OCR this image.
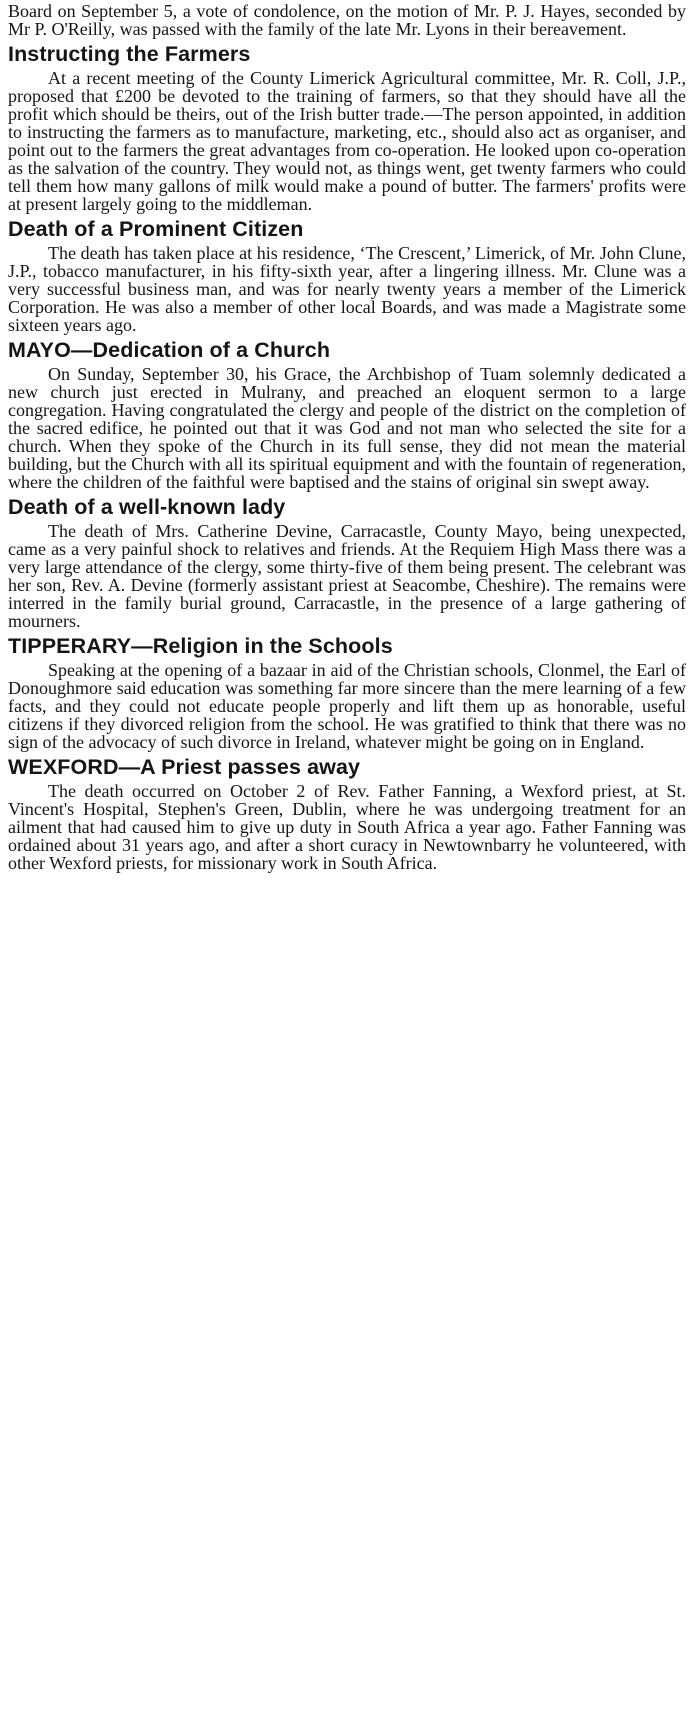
Board on September 5, a vote of condolence, on the motion of Mr. P. J. Hayes, seconded by Mr P. O'Reilly, was passed with the family of the late Mr. Lyons in their bereavement.

Instructing the Farmers

At a recent meeting of the County Limerick Agricultural committee, Mr. R. Coll, J.P., proposed that £200 be devoted to the training of farmers, so that they should have all the profit which should be theirs, out of the Irish butter trade.—The person appointed, in addition to instructing the farmers as to manufacture, marketing, etc., should also act as organiser, and point out to the farmers the great advantages from co-operation. He looked upon co-operation as the salvation of the country. They would not, as things went, get twenty farmers who could tell them how many gallons of milk would make a pound of butter. The farmers' profits were at present largely going to the middleman.

Death of a Prominent Citizen

The death has taken place at his residence, ‘The Crescent,’ Limerick, of Mr. John Clune, J.P., tobacco manufacturer, in his fifty-sixth year, after a lingering illness. Mr. Clune was a very successful business man, and was for nearly twenty years a member of the Limerick Corporation. He was also a member of other local Boards, and was made a Magistrate some sixteen years ago.

MAYO—Dedication of a Church

On Sunday, September 30, his Grace, the Archbishop of Tuam solemnly dedicated a new church just erected in Mulrany, and preached an eloquent sermon to a large congregation. Having congratulated the clergy and people of the district on the completion of the sacred edifice, he pointed out that it was God and not man who selected the site for a church. When they spoke of the Church in its full sense, they did not mean the material building, but the Church with all its spiritual equipment and with the fountain of regeneration, where the children of the faithful were baptised and the stains of original sin swept away.

Death of a well-known lady

The death of Mrs. Catherine Devine, Carracastle, County Mayo, being unexpected, came as a very painful shock to relatives and friends. At the Requiem High Mass there was a very large attendance of the clergy, some thirty-five of them being present. The celebrant was her son, Rev. A. Devine (formerly assistant priest at Seacombe, Cheshire). The remains were interred in the family burial ground, Carracastle, in the presence of a large gathering of mourners.

TIPPERARY—Religion in the Schools

Speaking at the opening of a bazaar in aid of the Christian schools, Clonmel, the Earl of Donoughmore said education was something far more sincere than the mere learning of a few facts, and they could not educate people properly and lift them up as honorable, useful citizens if they divorced religion from the school. He was gratified to think that there was no sign of the advocacy of such divorce in Ireland, whatever might be going on in England.

WEXFORD—A Priest passes away

The death occurred on October 2 of Rev. Father Fanning, a Wexford priest, at St. Vincent's Hospital, Stephen's Green, Dublin, where he was undergoing treatment for an ailment that had caused him to give up duty in South Africa a year ago. Father Fanning was ordained about 31 years ago, and after a short curacy in Newtownbarry he volunteered, with other Wexford priests, for missionary work in South Africa.
